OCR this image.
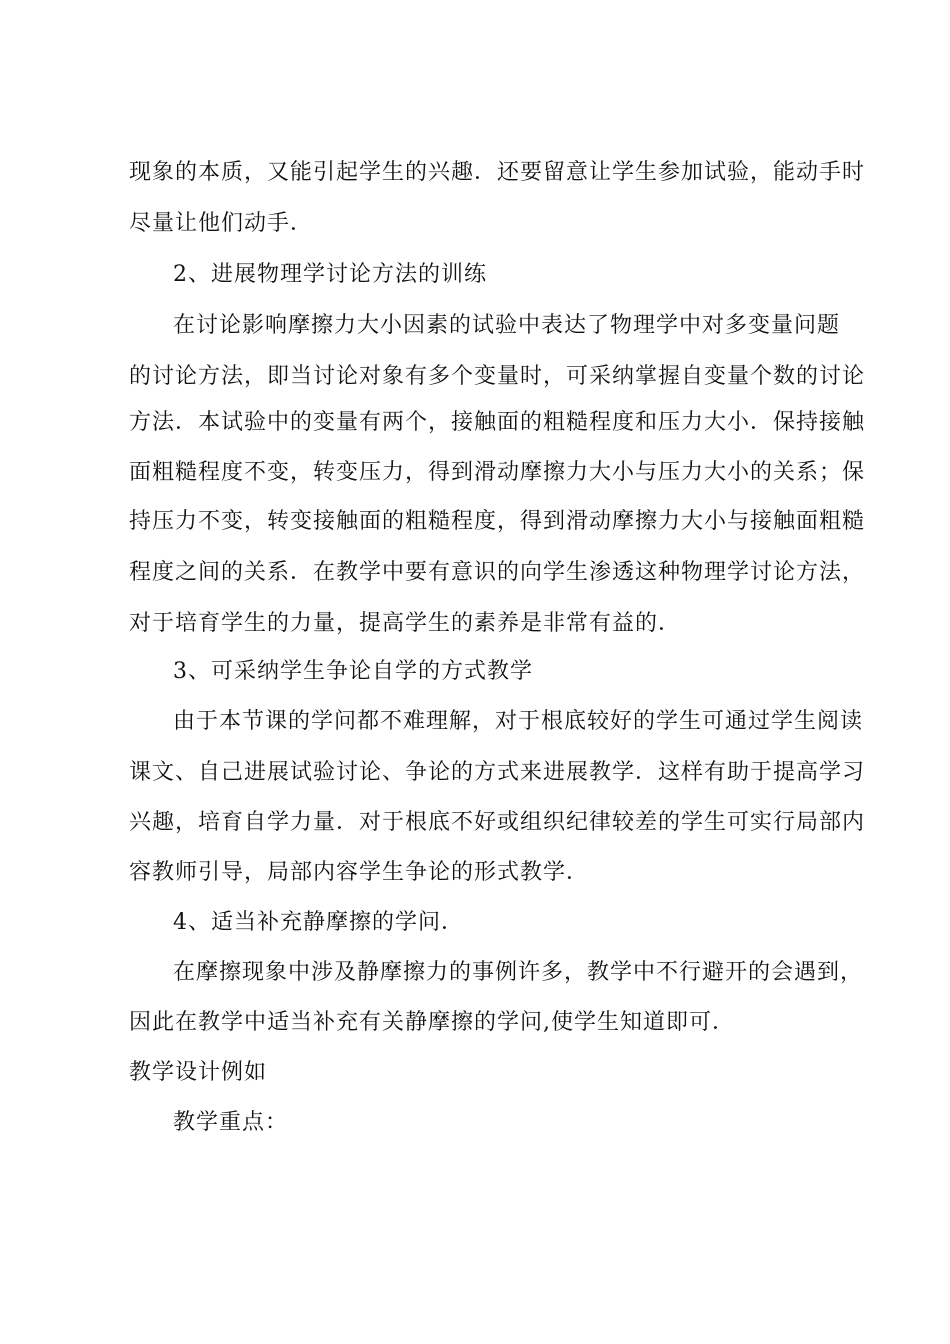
现象的本质，又能引起学生的兴趣．还要留意让学生参加试验，能动手时
尽量让他们动手．
2、进展物理学讨论方法的训练
在讨论影响摩擦力大小因素的试验中表达了物理学中对多变量问题
的讨论方法，即当讨论对象有多个变量时，可采纳掌握自变量个数的讨论
方法．本试验中的变量有两个，接触面的粗糙程度和压力大小．保持接触
面粗糙程度不变，转变压力，得到滑动摩擦力大小与压力大小的关系；保
持压力不变，转变接触面的粗糙程度，得到滑动摩擦力大小与接触面粗糙
程度之间的关系．在教学中要有意识的向学生渗透这种物理学讨论方法，
对于培育学生的力量，提高学生的素养是非常有益的．
3、可采纳学生争论自学的方式教学
由于本节课的学问都不难理解，对于根底较好的学生可通过学生阅读
课文、自己进展试验讨论、争论的方式来进展教学．这样有助于提高学习
兴趣，培育自学力量．对于根底不好或组织纪律较差的学生可实行局部内
容教师引导，局部内容学生争论的形式教学．
4、适当补充静摩擦的学问．
在摩擦现象中涉及静摩擦力的事例许多，教学中不行避开的会遇到，
因此在教学中适当补充有关静摩擦的学问,使学生知道即可．
教学设计例如
教学重点：
